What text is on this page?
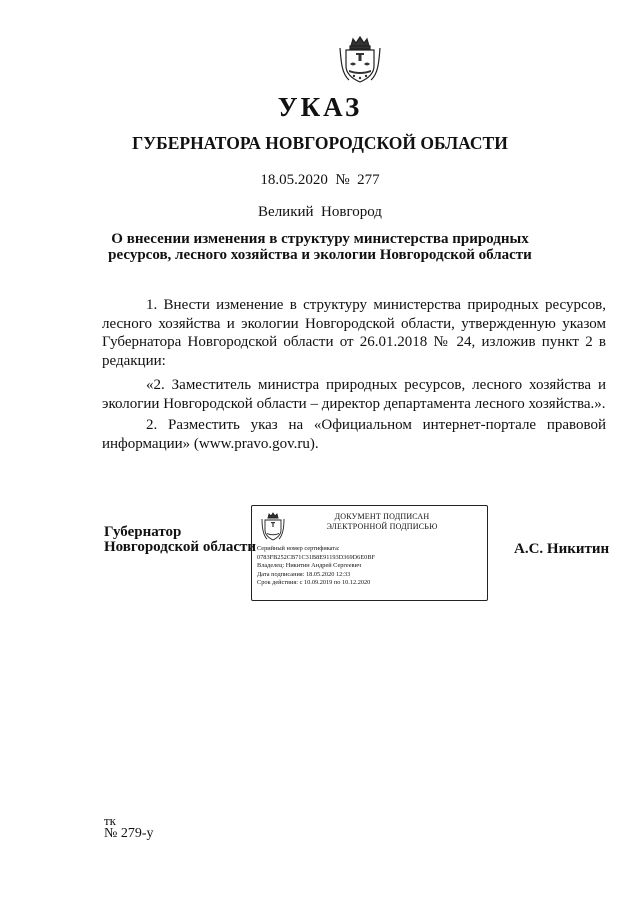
УКАЗ
ГУБЕРНАТОРА НОВГОРОДСКОЙ ОБЛАСТИ
18.05.2020  №  277
Великий  Новгород
О внесении изменения в структуру министерства природных ресурсов, лесного хозяйства и экологии Новгородской области
1. Внести изменение в структуру министерства природных ресурсов, лесного хозяйства и экологии Новгородской области, утвержденную указом Губернатора Новгородской области от 26.01.2018 № 24, изложив пункт 2 в редакции:
«2. Заместитель министра природных ресурсов, лесного хозяйства и экологии Новгородской области – директор департамента лесного хозяйства.».
2. Разместить указ на «Официальном интернет-портале правовой информации» (www.pravo.gov.ru).
Губернатор
Новгородской области
ДОКУМЕНТ ПОДПИСАН
ЭЛЕКТРОННОЙ ПОДПИСЬЮ
Серийный номер сертификата:
0783FB252CB71C31B8E91193D369D6E0BF
Владелец: Никитин Андрей Сергеевич
Дата подписания: 18.05.2020 12:33
Срок действия: с 10.09.2019 по 10.12.2020
А.С. Никитин
тк
№ 279-у
